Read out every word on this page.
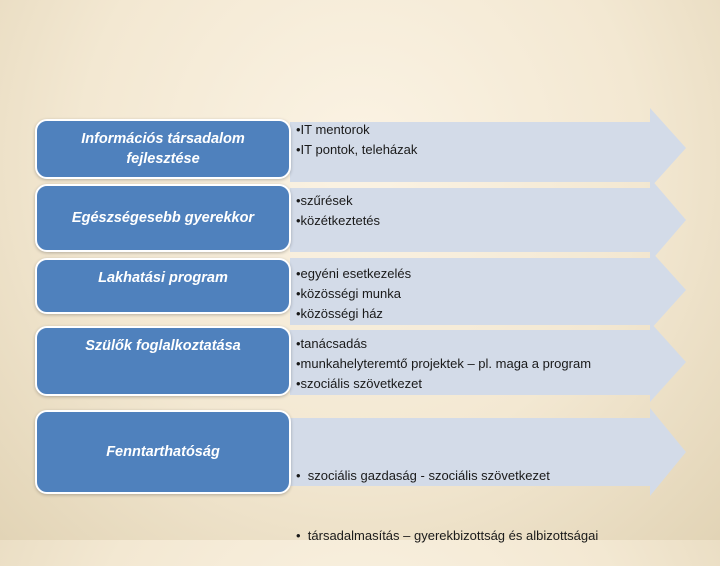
Információs társadalom fejlesztése
Egészségesebb gyerekkor
Lakhatási program
Szülők foglalkoztatása
Fenntarthatóság
•IT mentorok
•IT pontok, teleházak
•szűrések
•közétkeztetés
•egyéni esetkezelés
•közösségi munka
•közösségi ház
•tanácsadás
•munkahelyteremtő projektek – pl. maga a program
•szociális szövetkezet

•  szociális gazdaság - szociális szövetkezet

•  társadalmasítás – gyerekbizottság és albizottságai
